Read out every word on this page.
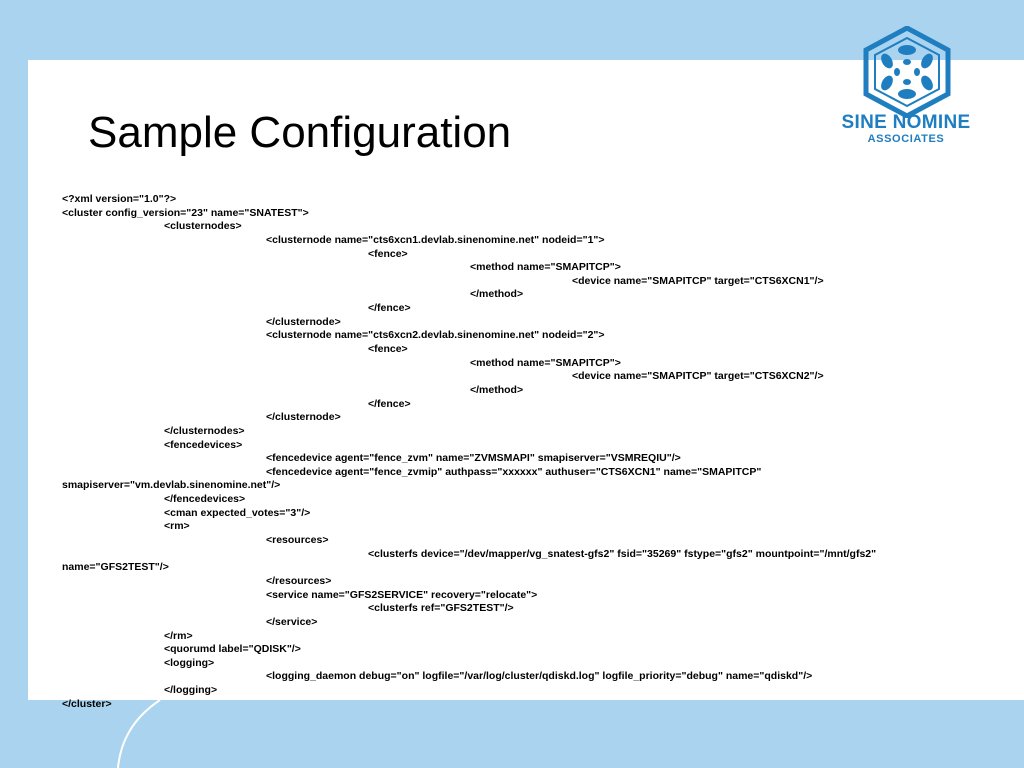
Sample Configuration	SINE NOMINE
ASSOCIATES
<?xml version="1.0"?>
<cluster config_version="23" name="SNATEST">
<clusternodes>
<clusternode name="cts6xcn1.devlab.sinenomine.net" nodeid="1">
<fence>
<method name="SMAPITCP">
<device name="SMAPITCP" target="CTS6XCN1"/>
</method>
</fence>
</clusternode>
<clusternode name="cts6xcn2.devlab.sinenomine.net" nodeid="2">
<fence>
<method name="SMAPITCP">
<device name="SMAPITCP" target="CTS6XCN2"/>
</method>
</fence>
</clusternode>
</clusternodes>
<fencedevices>
<fencedevice agent="fence_zvm" name="ZVMSMAPI" smapiserver="VSMREQIU"/>
<fencedevice agent="fence_zvmip" authpass="xxxxxx" authuser="CTS6XCN1" name="SMAPITCP"
smapiserver="vm.devlab.sinenomine.net"/>
</fencedevices>
<cman expected_votes="3"/>
<rm>
<resources>
<clusterfs device="/dev/mapper/vg_snatest-gfs2" fsid="35269" fstype="gfs2" mountpoint="/mnt/gfs2"
name="GFS2TEST"/>
</resources>
<service name="GFS2SERVICE" recovery="relocate">
<clusterfs ref="GFS2TEST"/>
</service>
</rm>
<quorumd label="QDISK"/>
<logging>
<logging_daemon debug="on" logfile="/var/log/cluster/qdiskd.log" logfile_priority="debug" name="qdiskd"/>
</logging>
</cluster>
